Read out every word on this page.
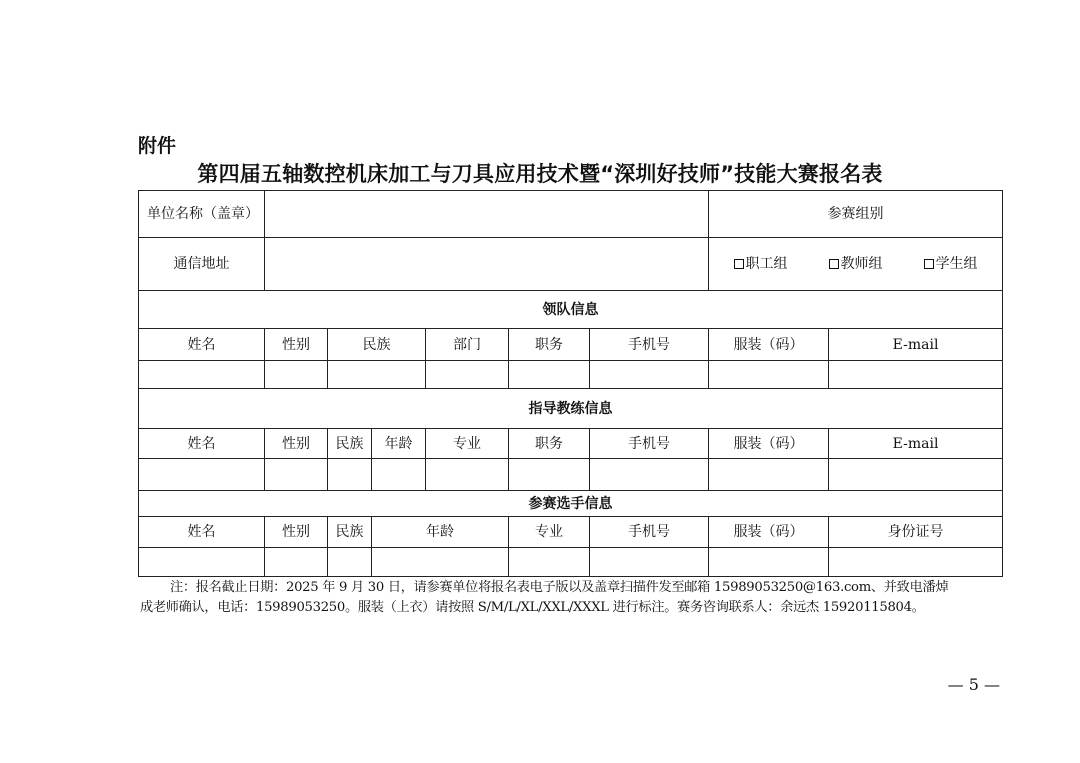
附件
第四届五轴数控机床加工与刀具应用技术暨“深圳好技师”技能大赛报名表
单位名称（盖章）							参赛组别	
通信地址							职工组 教师组 学生组	

领队信息								
姓名	性别	民族		部门	职务	手机号	服装（码）	E-mail

指导教练信息								
姓名	性别	民族	年龄	专业	职务	手机号	服装（码）	E-mail

参赛选手信息								
姓名	性别	民族	年龄		专业	手机号	服装（码）	身份证号

注：报名截止日期：2025 年 9 月 30 日，请参赛单位将报名表电子版以及盖章扫描件发至邮箱 15989053250@163.com、并致电潘焯
成老师确认，电话：15989053250。服装（上衣）请按照 S/M/L/XL/XXL/XXXL 进行标注。赛务咨询联系人：余远杰 15920115804。
— 5 —
